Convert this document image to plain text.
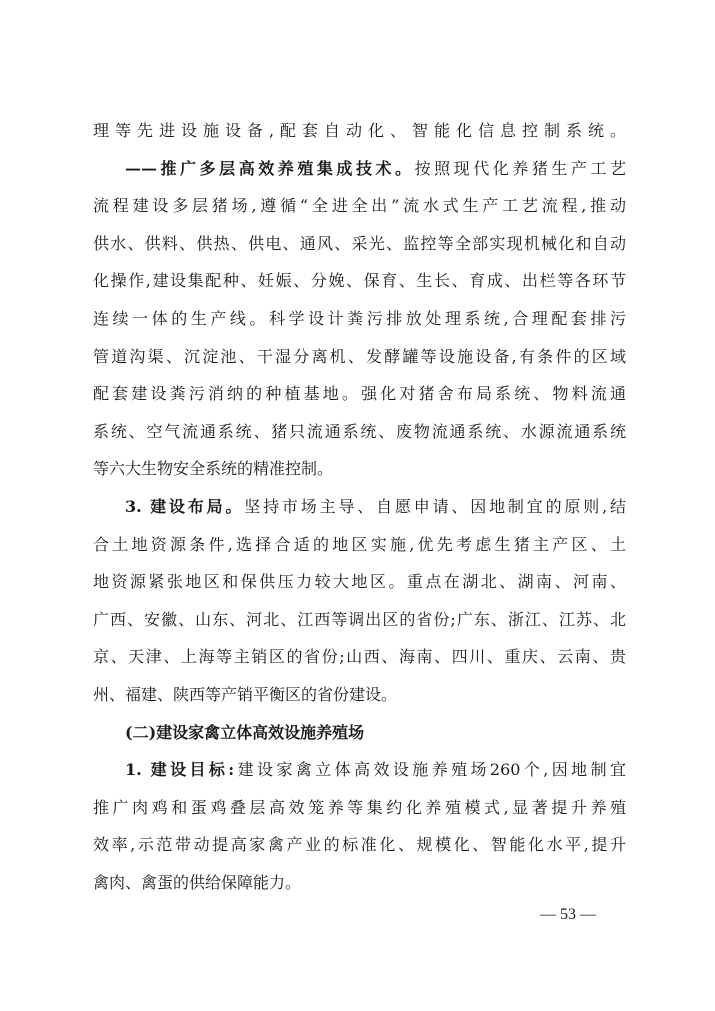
理等先进设施设备,配套自动化、智能化信息控制系统。
——推广多层高效养殖集成技术。按照现代化养猪生产工艺
流程建设多层猪场,遵循“全进全出”流水式生产工艺流程,推动
供水、供料、供热、供电、通风、采光、监控等全部实现机械化和自动
化操作,建设集配种、妊娠、分娩、保育、生长、育成、出栏等各环节
连续一体的生产线。科学设计粪污排放处理系统,合理配套排污
管道沟渠、沉淀池、干湿分离机、发酵罐等设施设备,有条件的区域
配套建设粪污消纳的种植基地。强化对猪舍布局系统、物料流通
系统、空气流通系统、猪只流通系统、废物流通系统、水源流通系统
等六大生物安全系统的精准控制。
3. 建设布局。坚持市场主导、自愿申请、因地制宜的原则,结
合土地资源条件,选择合适的地区实施,优先考虑生猪主产区、土
地资源紧张地区和保供压力较大地区。重点在湖北、湖南、河南、
广西、安徽、山东、河北、江西等调出区的省份;广东、浙江、江苏、北
京、天津、上海等主销区的省份;山西、海南、四川、重庆、云南、贵
州、福建、陕西等产销平衡区的省份建设。
(二)建设家禽立体高效设施养殖场
1. 建设目标:建设家禽立体高效设施养殖场260个,因地制宜
推广肉鸡和蛋鸡叠层高效笼养等集约化养殖模式,显著提升养殖
效率,示范带动提高家禽产业的标准化、规模化、智能化水平,提升
禽肉、禽蛋的供给保障能力。
— 53 —
